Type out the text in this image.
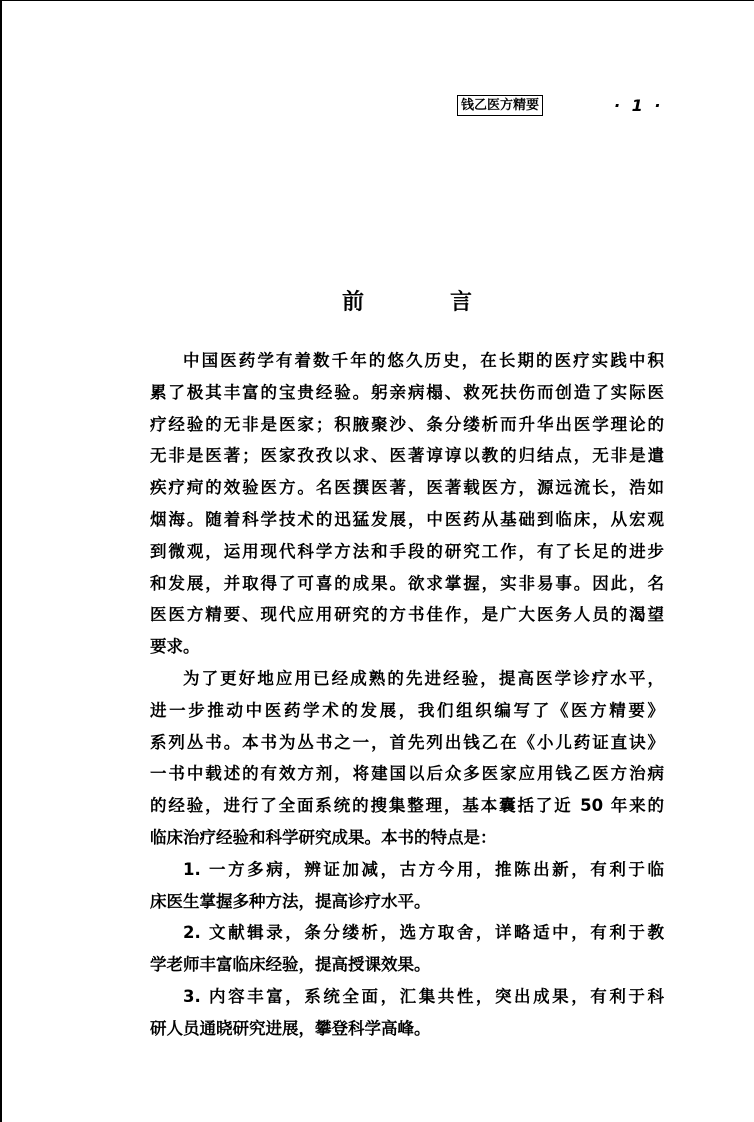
钱乙医方精要	· 1 ·
前	言
中国医药学有着数千年的悠久历史，在长期的医疗实践中积
累了极其丰富的宝贵经验。躬亲病榻、救死扶伤而创造了实际医
疗经验的无非是医家；积腋聚沙、条分缕析而升华出医学理论的
无非是医著；医家孜孜以求、医著谆谆以教的归结点，无非是遣
疾疗疴的效验医方。名医撰医著，医著载医方，源远流长，浩如
烟海。随着科学技术的迅猛发展，中医药从基础到临床，从宏观
到微观，运用现代科学方法和手段的研究工作，有了长足的进步
和发展，并取得了可喜的成果。欲求掌握，实非易事。因此，名
医医方精要、现代应用研究的方书佳作，是广大医务人员的渴望
要求。
为了更好地应用已经成熟的先进经验，提高医学诊疗水平，
进一步推动中医药学术的发展，我们组织编写了《医方精要》
系列丛书。本书为丛书之一，首先列出钱乙在《小儿药证直诀》
一书中载述的有效方剂，将建国以后众多医家应用钱乙医方治病
的经验，进行了全面系统的搜集整理，基本囊括了近 50 年来的
临床治疗经验和科学研究成果。本书的特点是：
1. 一方多病，辨证加减，古方今用，推陈出新，有利于临
床医生掌握多种方法，提高诊疗水平。
2. 文献辑录，条分缕析，选方取舍，详略适中，有利于教
学老师丰富临床经验，提高授课效果。
3. 内容丰富，系统全面，汇集共性，突出成果，有利于科
研人员通晓研究进展，攀登科学高峰。
